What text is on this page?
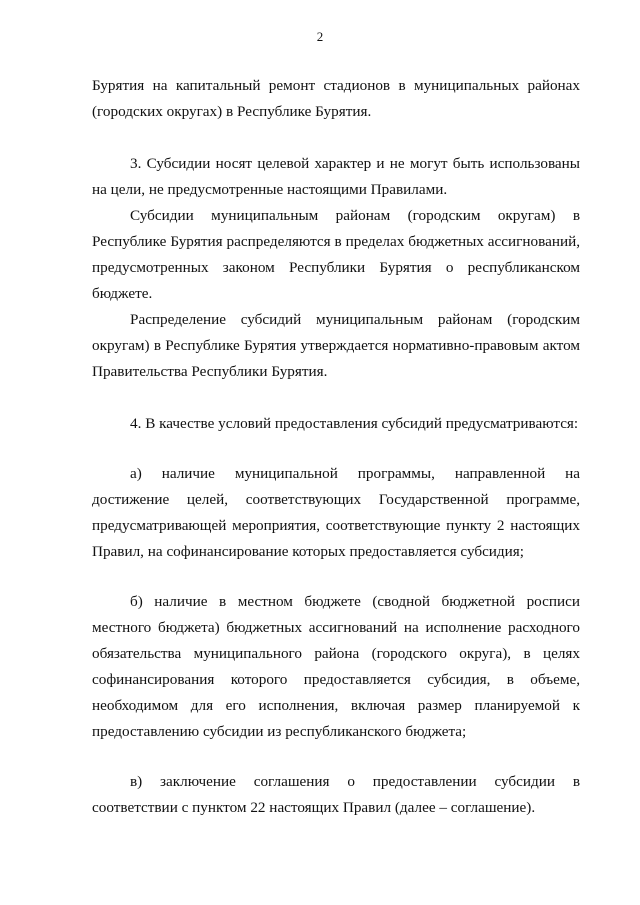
2

Бурятия на капитальный ремонт стадионов в муниципальных районах (городских округах) в Республике Бурятия.

3. Субсидии носят целевой характер и не могут быть использованы на цели, не предусмотренные настоящими Правилами.

Субсидии муниципальным районам (городским округам) в Республике Бурятия распределяются в пределах бюджетных ассигнований, предусмотренных законом Республики Бурятия о республиканском бюджете.

Распределение субсидий муниципальным районам (городским округам) в Республике Бурятия утверждается нормативно-правовым актом Правительства Республики Бурятия.

4. В качестве условий предоставления субсидий предусматриваются:

а) наличие муниципальной программы, направленной на достижение целей, соответствующих Государственной программе, предусматривающей мероприятия, соответствующие пункту 2 настоящих Правил, на софинансирование которых предоставляется субсидия;

б) наличие в местном бюджете (сводной бюджетной росписи местного бюджета) бюджетных ассигнований на исполнение расходного обязательства муниципального района (городского округа), в целях софинансирования которого предоставляется субсидия, в объеме, необходимом для его исполнения, включая размер планируемой к предоставлению субсидии из республиканского бюджета;

в) заключение соглашения о предоставлении субсидии в соответствии с пунктом 22 настоящих Правил (далее – соглашение).
